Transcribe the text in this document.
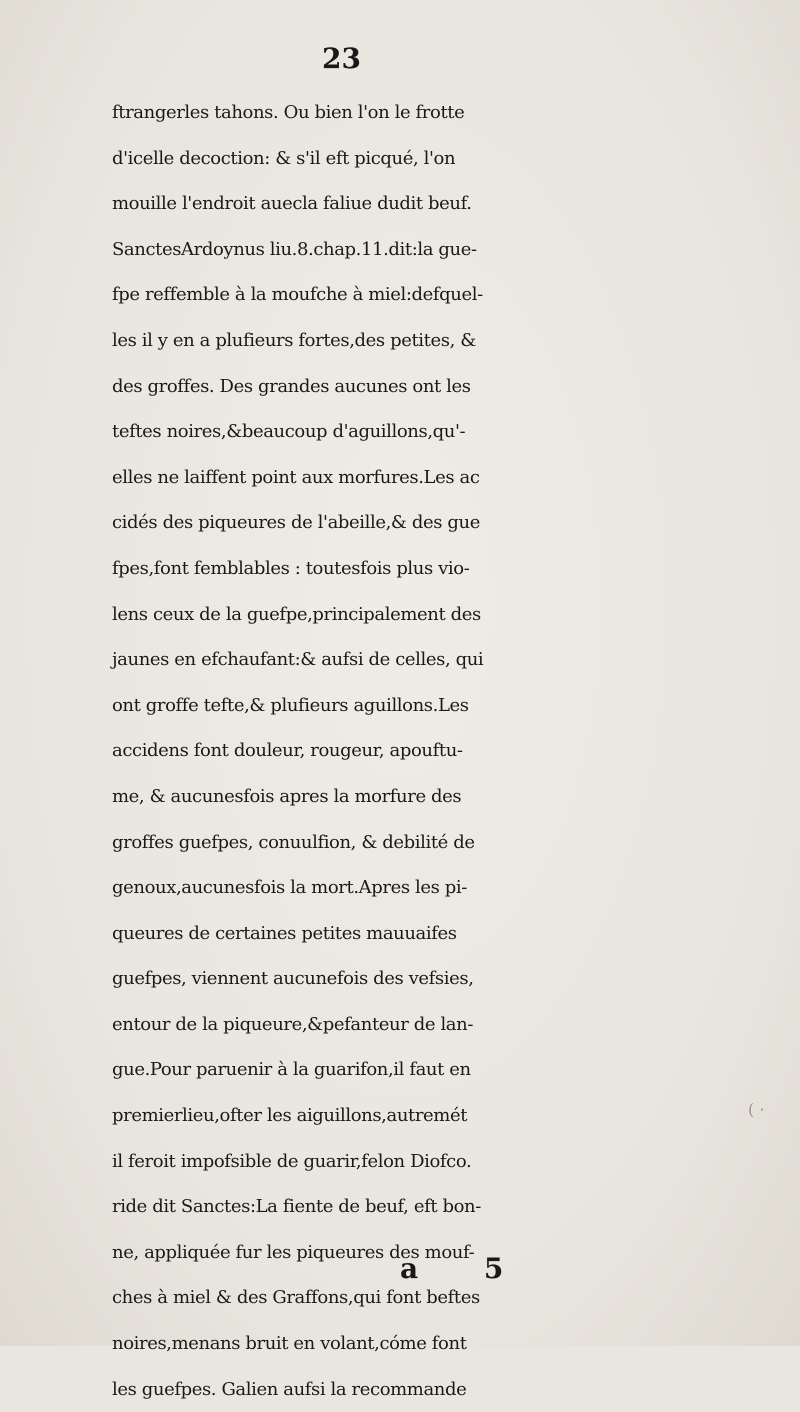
23
ftrangerles tahons. Ou bien l'on le frotte
d'icelle decoction: & s'il eft picqué, l'on
mouille l'endroit auecla faliue dudit beuf.
SanctesArdoynus liu.8.chap.11.dit:la gue-
fpe reffemble à la moufche à miel:defquel-
les il y en a plufieurs fortes,des petites, &
des groffes. Des grandes aucunes ont les
teftes noires,&beaucoup d'aguillons,qu'-
elles ne laiffent point aux morfures.Les ac
cidés des piqueures de l'abeille,& des gue
fpes,font femblables : toutesfois plus vio-
lens ceux de la guefpe,principalement des
jaunes en efchaufant:& aufsi de celles, qui
ont groffe tefte,& plufieurs aguillons.Les
accidens font douleur, rougeur, apouftu-
me, & aucunesfois apres la morfure des
groffes guefpes, conuulfion, & debilité de
genoux,aucunesfois la mort.Apres les pi-
queures de certaines petites mauuaifes
guefpes, viennent aucunefois des vefsies,
entour de la piqueure,&pefanteur de lan-
gue.Pour paruenir à la guarifon,il faut en
premierlieu,ofter les aiguillons,autremét
il feroit impofsible de guarir,felon Diofco.
ride dit Sanctes:La fiente de beuf, eft bon-
ne, appliquée fur les piqueures des mouf-
ches à miel & des Graffons,qui font beftes
noires,menans bruit en volant,cóme font
les guefpes. Galien aufsi la recommande
( ·
a 5
